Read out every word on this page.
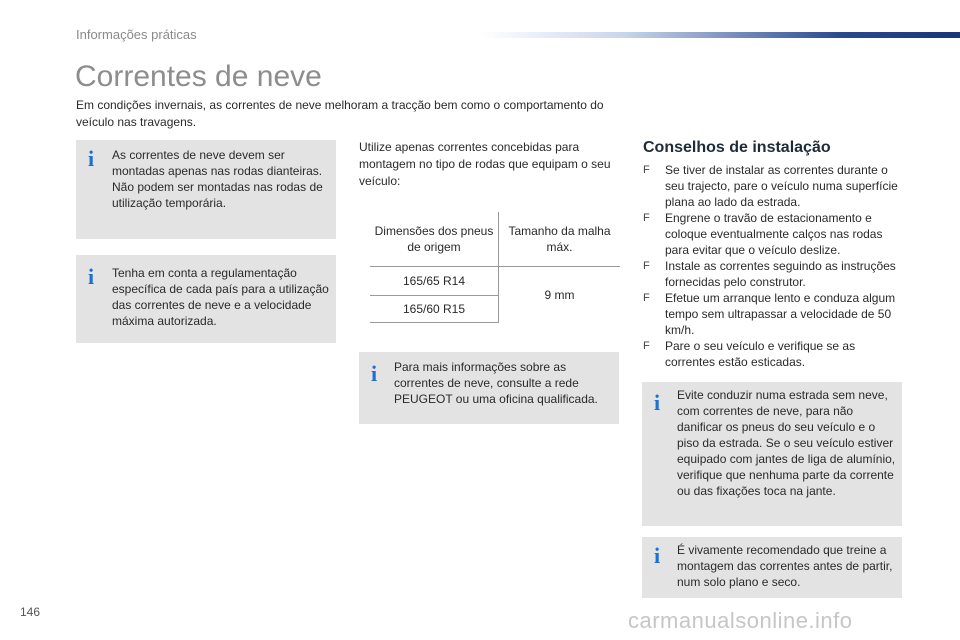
Informações práticas
Correntes de neve
Em condições invernais, as correntes de neve melhoram a tracção bem como o comportamento do veículo nas travagens.
i As correntes de neve devem ser montadas apenas nas rodas dianteiras. Não podem ser montadas nas rodas de utilização temporária.
i Tenha em conta a regulamentação específica de cada país para a utilização das correntes de neve e a velocidade máxima autorizada.
Utilize apenas correntes concebidas para montagem no tipo de rodas que equipam o seu veículo:
Dimensões dos pneus de origem	Tamanho da malha máx.
165/65 R14	9 mm
165/60 R15	
i Para mais informações sobre as correntes de neve, consulte a rede PEUGEOT ou uma oficina qualificada.
Conselhos de instalação
F Se tiver de instalar as correntes durante o seu trajecto, pare o veículo numa superfície plana ao lado da estrada.
F Engrene o travão de estacionamento e coloque eventualmente calços nas rodas para evitar que o veículo deslize.
F Instale as correntes seguindo as instruções fornecidas pelo construtor.
F Efetue um arranque lento e conduza algum tempo sem ultrapassar a velocidade de 50 km/h.
F Pare o seu veículo e verifique se as correntes estão esticadas.
i Evite conduzir numa estrada sem neve, com correntes de neve, para não danificar os pneus do seu veículo e o piso da estrada. Se o seu veículo estiver equipado com jantes de liga de alumínio, verifique que nenhuma parte da corrente ou das fixações toca na jante.
i É vivamente recomendado que treine a montagem das correntes antes de partir, num solo plano e seco.
146	carmanualsonline.info
